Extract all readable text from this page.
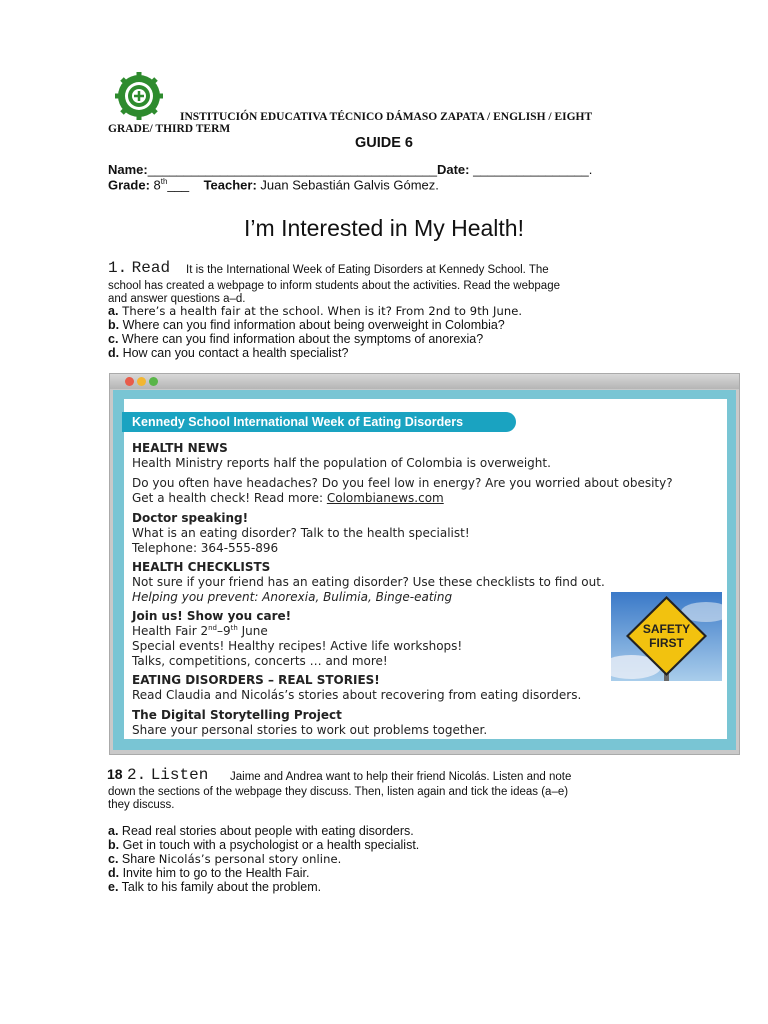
INSTITUCIÓN EDUCATIVA TÉCNICO DÁMASO ZAPATA / ENGLISH / EIGHT
GRADE/ THIRD TERM
GUIDE 6
Name:________________________________________Date: ________________.
Grade: 8th___ Teacher: Juan Sebastián Galvis Gómez.
I’m Interested in My Health!
1. Read It is the International Week of Eating Disorders at Kennedy School. The
school has created a webpage to inform students about the activities. Read the webpage
and answer questions a–d.
a. There’s a health fair at the school. When is it? From 2nd to 9th June.
b. Where can you find information about being overweight in Colombia?
c. Where can you find information about the symptoms of anorexia?
d. How can you contact a health specialist?
Kennedy School International Week of Eating Disorders
HEALTH NEWS
Health Ministry reports half the population of Colombia is overweight.
Do you often have headaches? Do you feel low in energy? Are you worried about obesity?
Get a health check! Read more: Colombianews.com
Doctor speaking!
What is an eating disorder? Talk to the health specialist!
Telephone: 364-555-896
HEALTH CHECKLISTS
Not sure if your friend has an eating disorder? Use these checklists to find out.
Helping you prevent: Anorexia, Bulimia, Binge-eating
Join us! Show you care!
Health Fair 2nd–9th June
Special events! Healthy recipes! Active life workshops!
Talks, competitions, concerts … and more!
EATING DISORDERS – REAL STORIES!
Read Claudia and Nicolás’s stories about recovering from eating disorders.
The Digital Storytelling Project
Share your personal stories to work out problems together.
SAFETY
FIRST
18 2. Listen Jaime and Andrea want to help their friend Nicolás. Listen and note
down the sections of the webpage they discuss. Then, listen again and tick the ideas (a–e)
they discuss.
a. Read real stories about people with eating disorders.
b. Get in touch with a psychologist or a health specialist.
c. Share Nicolás’s personal story online.
d. Invite him to go to the Health Fair.
e. Talk to his family about the problem.
